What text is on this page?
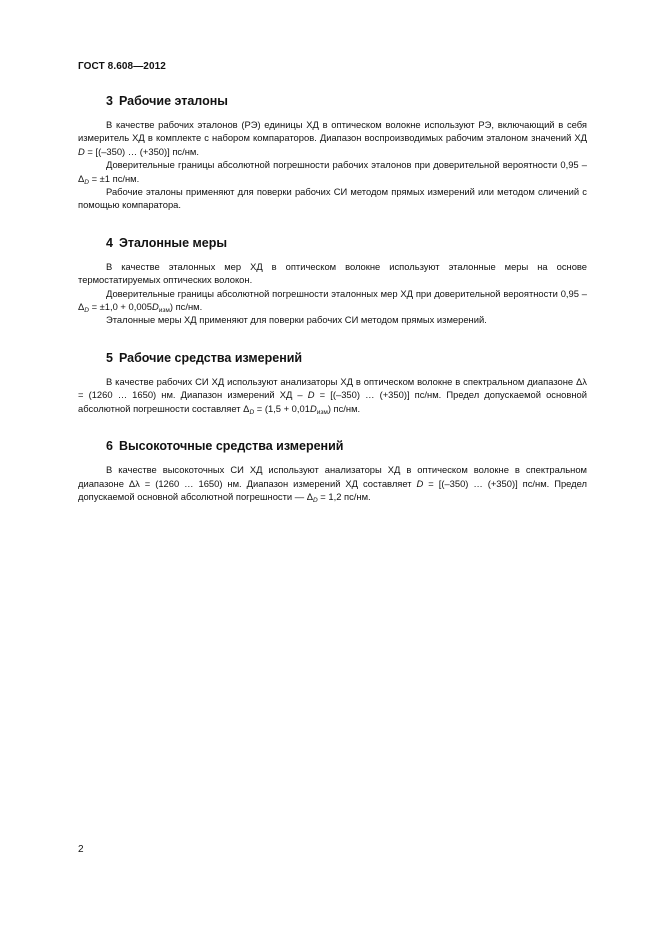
ГОСТ 8.608—2012
3 Рабочие эталоны

В качестве рабочих эталонов (РЭ) единицы ХД в оптическом волокне используют РЭ, включающий в себя измеритель ХД в комплекте с набором компараторов. Диапазон воспроизводимых рабочим эталоном значений ХД D = [(–350) … (+350)] пс/нм.

Доверительные границы абсолютной погрешности рабочих эталонов при доверительной вероятности $0,95 - \Delta_D = \pm 1$ пс/нм.

Рабочие эталоны применяют для поверки рабочих СИ методом прямых измерений или методом сличений с помощью компаратора.

4 Эталонные меры

В качестве эталонных мер ХД в оптическом волокне используют эталонные меры на основе термостатируемых оптических волокон.

Доверительные границы абсолютной погрешности эталонных мер ХД при доверительной вероятности $0,95 - \Delta_D = \pm 1,0 + 0,005D_{изм}$) пс/нм.

Эталонные меры ХД применяют для поверки рабочих СИ методом прямых измерений.

5 Рабочие средства измерений

В качестве рабочих СИ ХД используют анализаторы ХД в оптическом волокне в спектральном диапазоне Δλ = (1260 … 1650) нм. Диапазон измерений ХД – D = [(–350) … (+350)] пс/нм. Предел допускаемой основной абсолютной погрешности составляет $\Delta_D = (1,5 + 0,01D_{изм})$ пс/нм.

6 Высокоточные средства измерений

В качестве высокоточных СИ ХД используют анализаторы ХД в оптическом волокне в спектральном диапазоне Δλ = (1260 … 1650) нм. Диапазон измерений ХД составляет D = [(–350) … (+350)] пс/нм. Предел допускаемой основной абсолютной погрешности — $\Delta_D = 1,2$ пс/нм.

2
